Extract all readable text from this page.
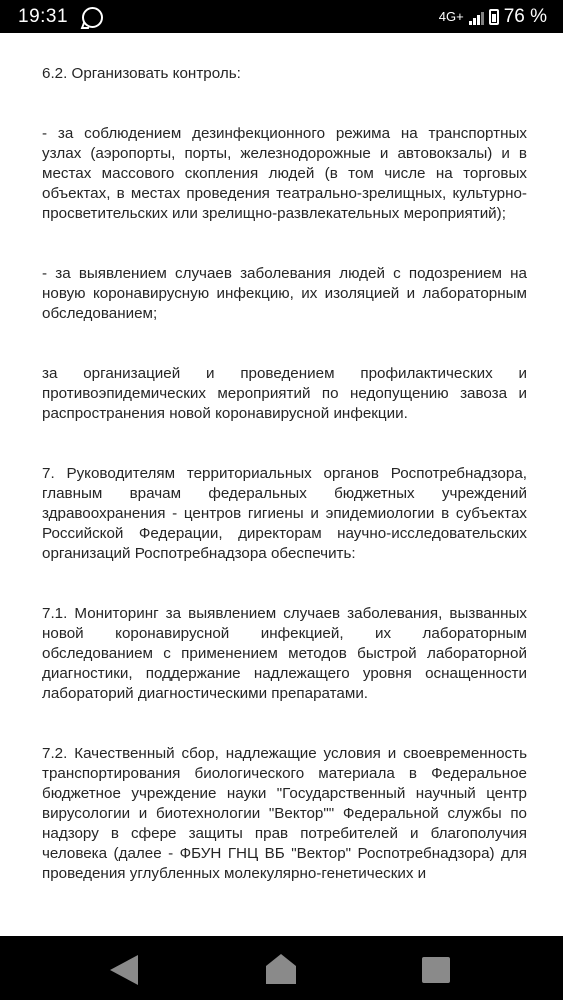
19:31	4G+ 76 %

6.2. Организовать контроль:

- за соблюдением дезинфекционного режима на транспортных узлах (аэропорты, порты, железнодорожные и автовокзалы) и в местах массового скопления людей (в том числе на торговых объектах, в местах проведения театрально-зрелищных, культурно-просветительских или зрелищно-развлекательных мероприятий);

- за выявлением случаев заболевания людей с подозрением на новую коронавирусную инфекцию, их изоляцией и лабораторным обследованием;

за организацией и проведением профилактических и противоэпидемических мероприятий по недопущению завоза и распространения новой коронавирусной инфекции.

7. Руководителям территориальных органов Роспотребнадзора, главным врачам федеральных бюджетных учреждений здравоохранения - центров гигиены и эпидемиологии в субъектах Российской Федерации, директорам научно-исследовательских организаций Роспотребнадзора обеспечить:

7.1. Мониторинг за выявлением случаев заболевания, вызванных новой коронавирусной инфекцией, их лабораторным обследованием с применением методов быстрой лабораторной диагностики, поддержание надлежащего уровня оснащенности лабораторий диагностическими препаратами.

7.2. Качественный сбор, надлежащие условия и своевременность транспортирования биологического материала в Федеральное бюджетное учреждение науки "Государственный научный центр вирусологии и биотехнологии "Вектор"" Федеральной службы по надзору в сфере защиты прав потребителей и благополучия человека (далее - ФБУН ГНЦ ВБ "Вектор" Роспотребнадзора) для проведения углубленных молекулярно-генетических и
